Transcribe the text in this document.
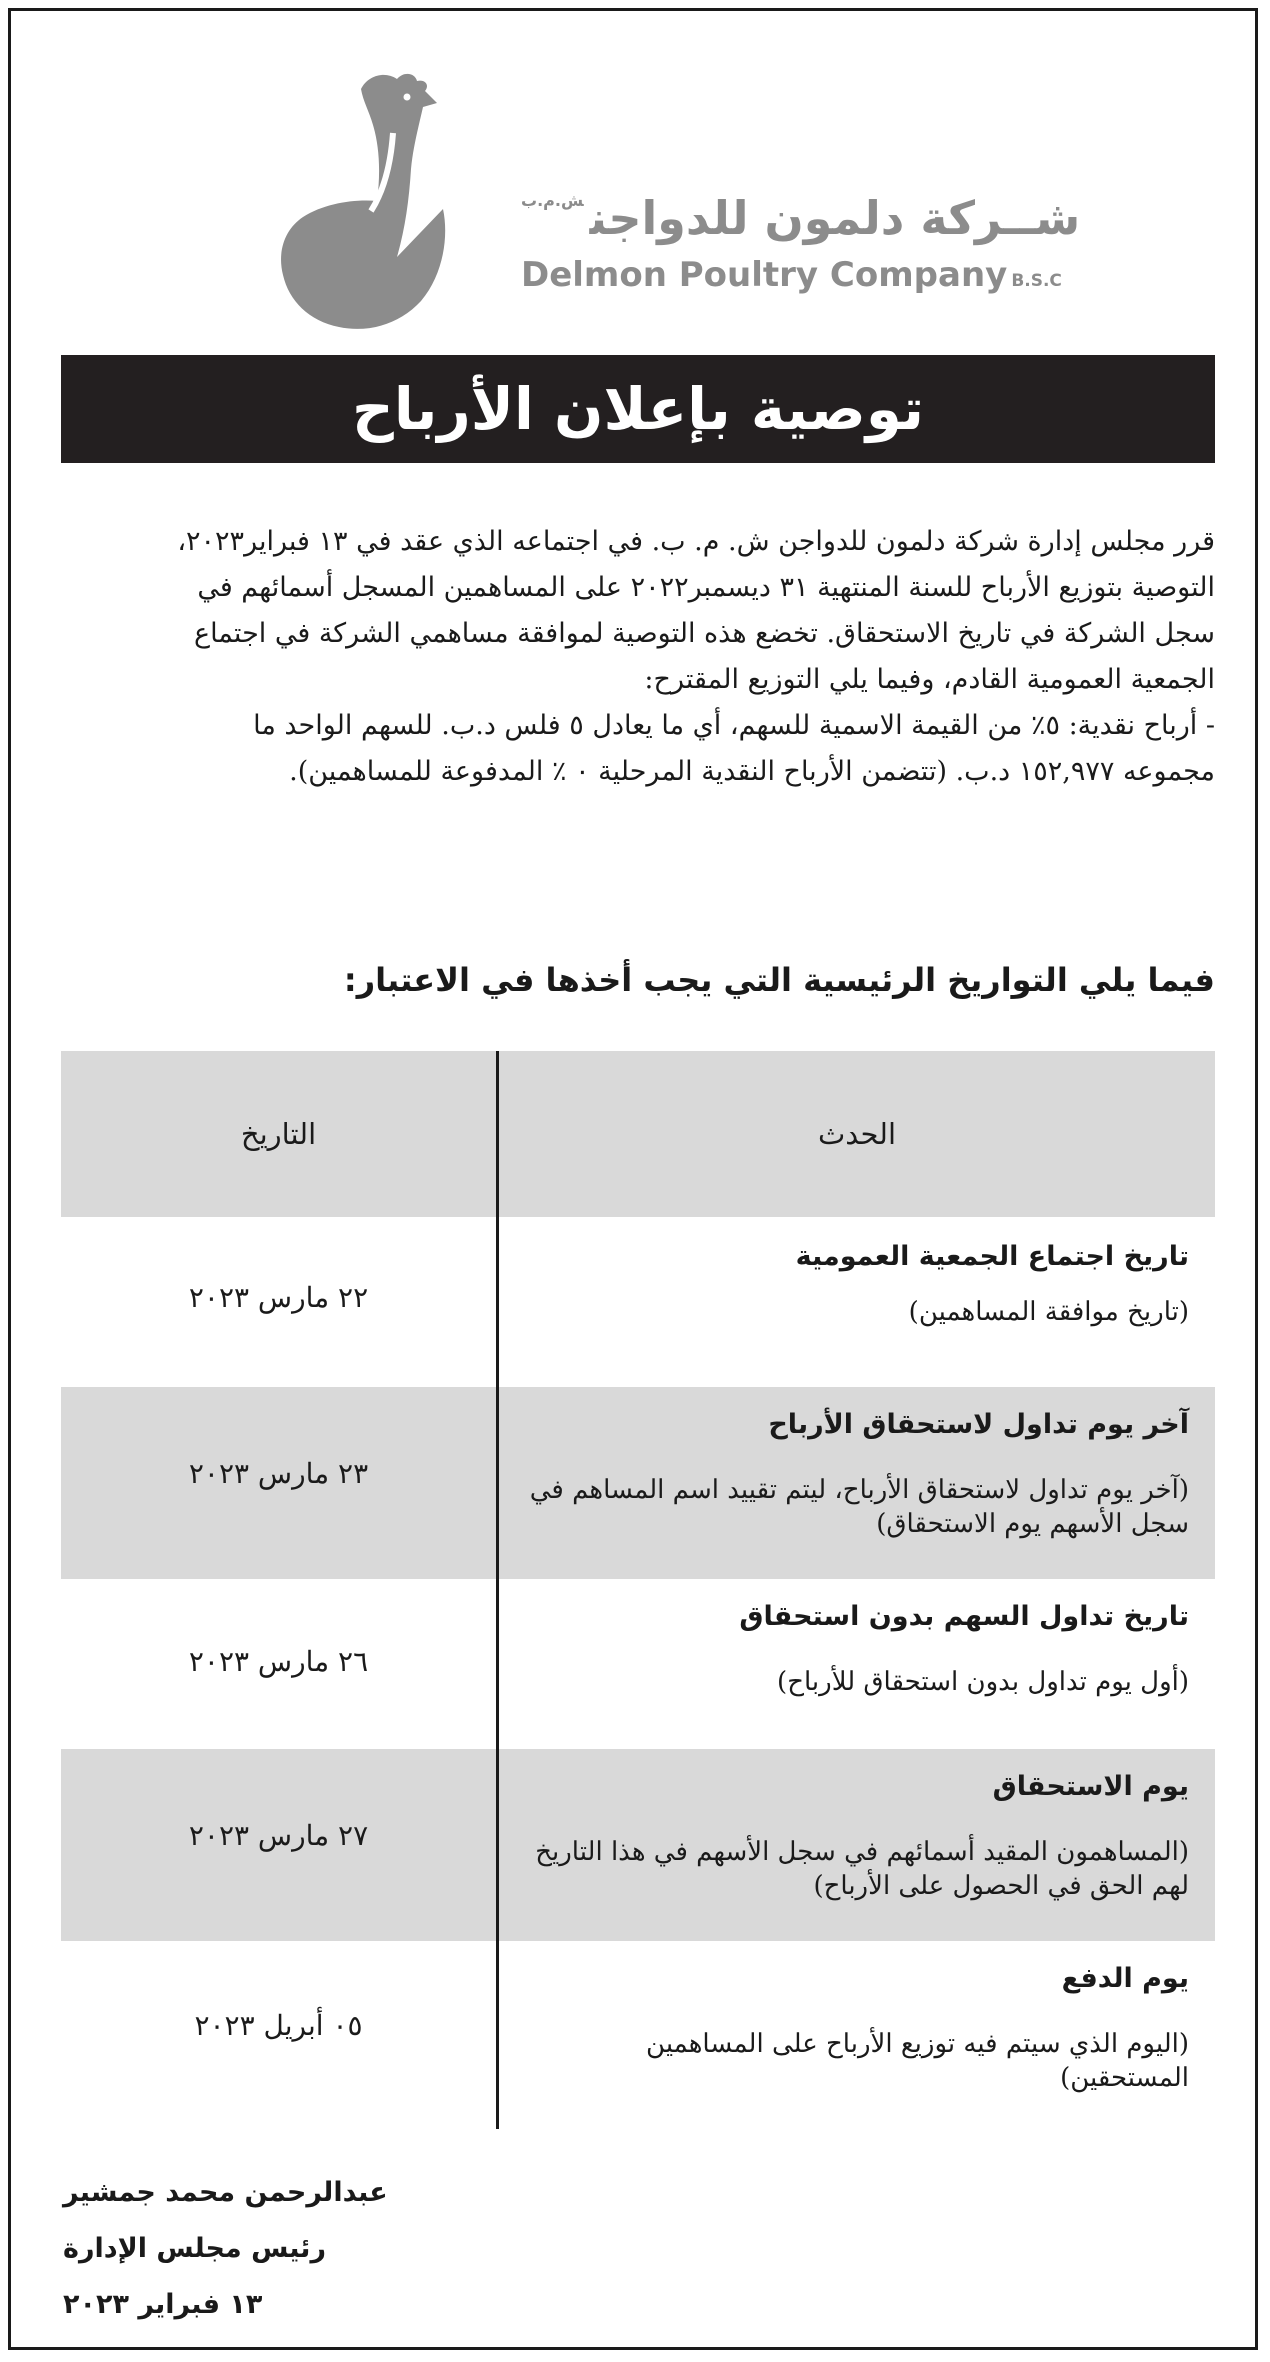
شــركة دلمون للدواجن$^{ش.م.ب}$
Delmon Poultry Company B.S.C
توصية بإعلان الأرباح

قرر مجلس إدارة شركة دلمون للدواجن ش. م. ب. في اجتماعه الذي عقد في ١٣ فبراير٢٠٢٣،

التوصية بتوزيع الأرباح للسنة المنتهية ٣١ ديسمبر٢٠٢٢ على المساهمين المسجل أسمائهم في

سجل الشركة في تاريخ الاستحقاق. تخضع هذه التوصية لموافقة مساهمي الشركة في اجتماع

الجمعية العمومية القادم، وفيما يلي التوزيع المقترح:

- أرباح نقدية: ٥٪ من القيمة الاسمية للسهم، أي ما يعادل ٥ فلس د.ب. للسهم الواحد ما

مجموعه ١٥٢,٩٧٧ د.ب. (تتضمن الأرباح النقدية المرحلية ٠ ٪ المدفوعة للمساهمين).

فيما يلي التواريخ الرئيسية التي يجب أخذها في الاعتبار:
التاريخ	الحدث
تاريخ اجتماع الجمعية العمومية
(تاريخ موافقة المساهمين)
٢٢ مارس ٢٠٢٣
آخر يوم تداول لاستحقاق الأرباح
(آخر يوم تداول لاستحقاق الأرباح، ليتم تقييد اسم المساهم في سجل الأسهم يوم الاستحقاق)
٢٣ مارس ٢٠٢٣
تاريخ تداول السهم بدون استحقاق
(أول يوم تداول بدون استحقاق للأرباح)
٢٦ مارس ٢٠٢٣
يوم الاستحقاق
(المساهمون المقيد أسمائهم في سجل الأسهم في هذا التاريخ لهم الحق في الحصول على الأرباح)
٢٧ مارس ٢٠٢٣
يوم الدفع
(اليوم الذي سيتم فيه توزيع الأرباح على المساهمين المستحقين)
٠٥ أبريل ٢٠٢٣
عبدالرحمن محمد جمشير
رئيس مجلس الإدارة
١٣ فبراير ٢٠٢٣
